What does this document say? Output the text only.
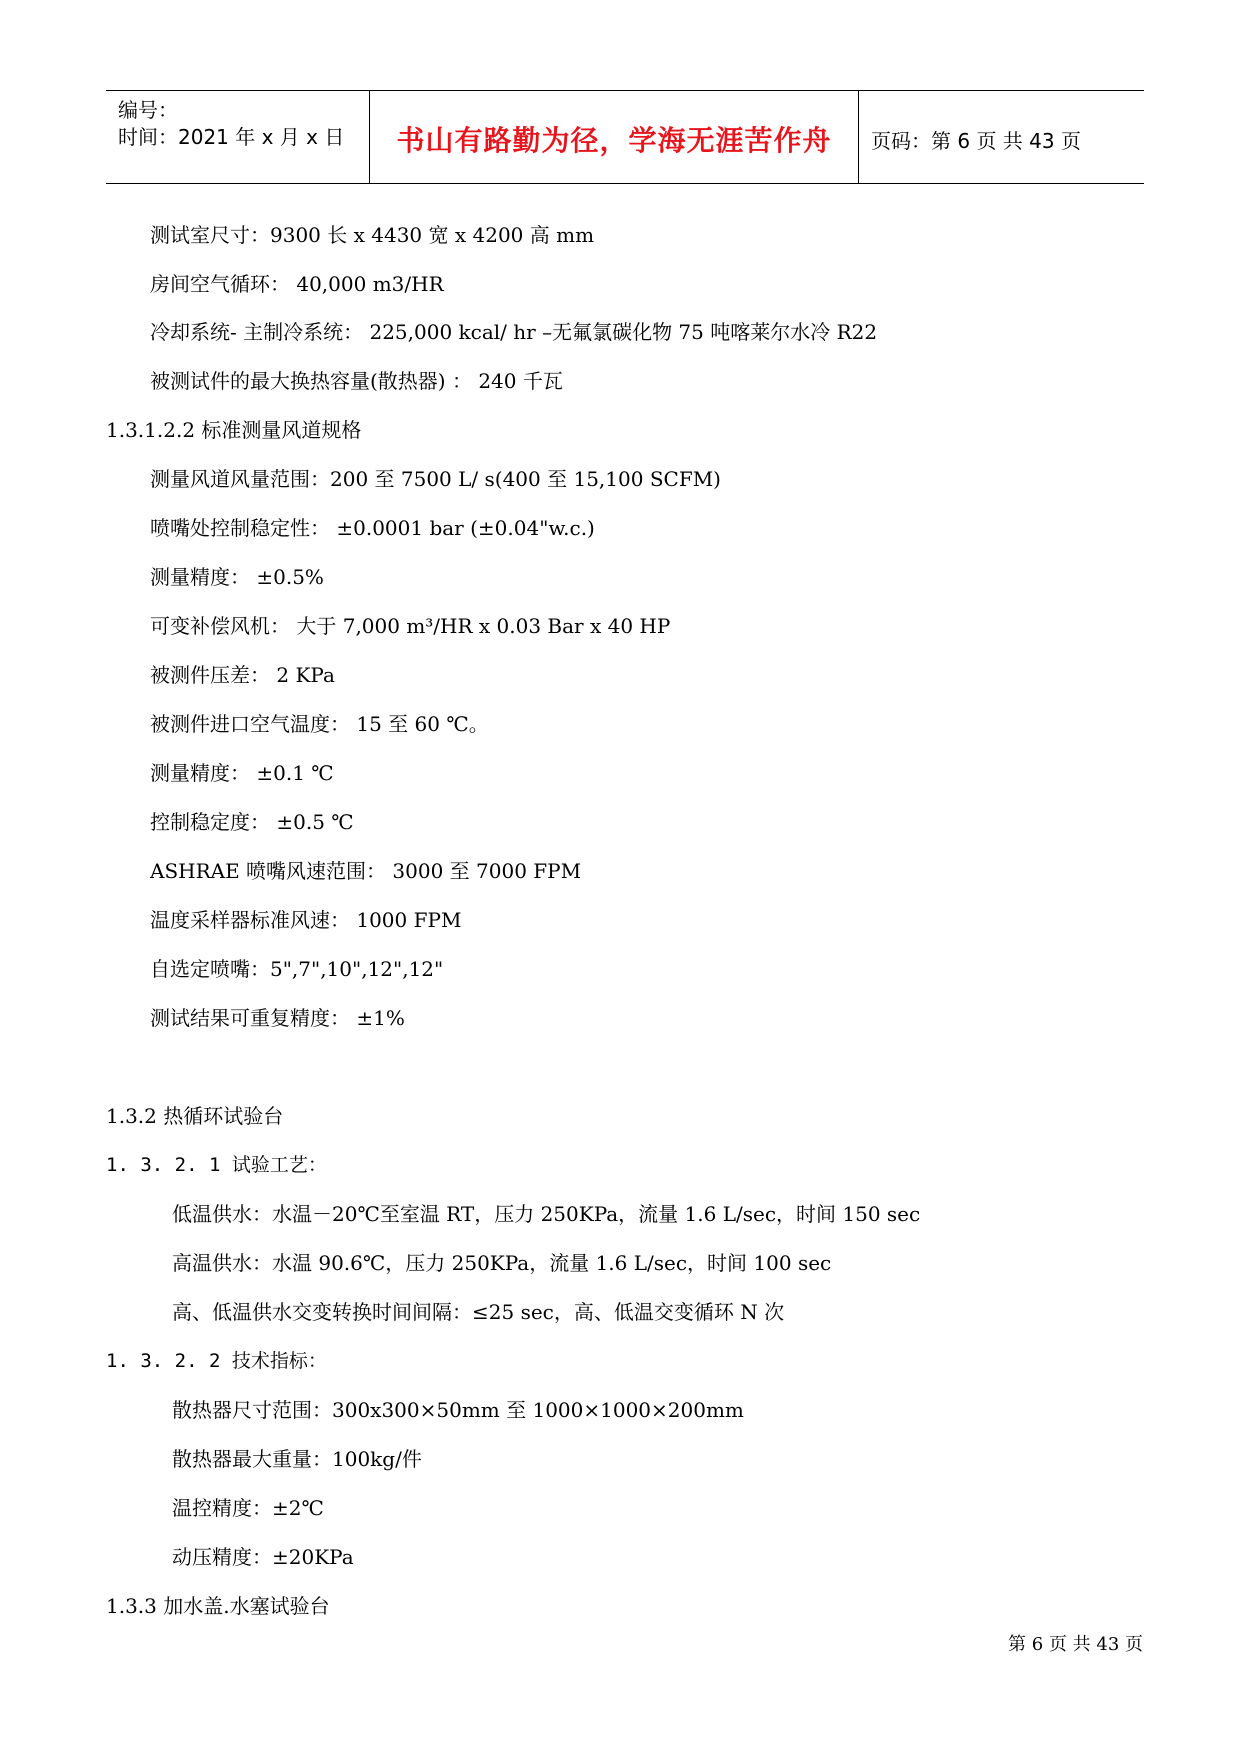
编号：
时间：2021 年 x 月 x 日	书山有路勤为径，学海无涯苦作舟	页码：第 6 页 共 43 页
测试室尺寸：9300 长 x 4430 宽 x 4200 高 mm
房间空气循环： 40,000 m3/HR
冷却系统- 主制冷系统： 225,000 kcal/ hr –无氟氯碳化物 75 吨喀莱尔水冷 R22
被测试件的最大换热容量(散热器) ： 240 千瓦
1.3.1.2.2 标准测量风道规格
测量风道风量范围：200 至 7500 L/ s(400 至 15,100 SCFM)
喷嘴处控制稳定性： ±0.0001 bar (±0.04"w.c.)
测量精度： ±0.5%
可变补偿风机： 大于 7,000 m³/HR x 0.03 Bar x 40 HP
被测件压差： 2 KPa
被测件进口空气温度： 15 至 60 ℃。
测量精度： ±0.1 ℃
控制稳定度： ±0.5 ℃
ASHRAE 喷嘴风速范围： 3000 至 7000 FPM
温度采样器标准风速： 1000 FPM
自选定喷嘴：5",7",10",12",12"
测试结果可重复精度： ±1%
1.3.2 热循环试验台
1. 3. 2. 1 试验工艺：
低温供水：水温－20℃至室温 RT，压力 250KPa，流量 1.6 L/sec，时间 150 sec
高温供水：水温 90.6℃，压力 250KPa，流量 1.6 L/sec，时间 100 sec
高、低温供水交变转换时间间隔：≤25 sec，高、低温交变循环 N 次
1. 3. 2. 2 技术指标：
散热器尺寸范围：300x300×50mm 至 1000×1000×200mm
散热器最大重量：100kg/件
温控精度：±2℃
动压精度：±20KPa
1.3.3 加水盖.水塞试验台
第 6 页 共 43 页
